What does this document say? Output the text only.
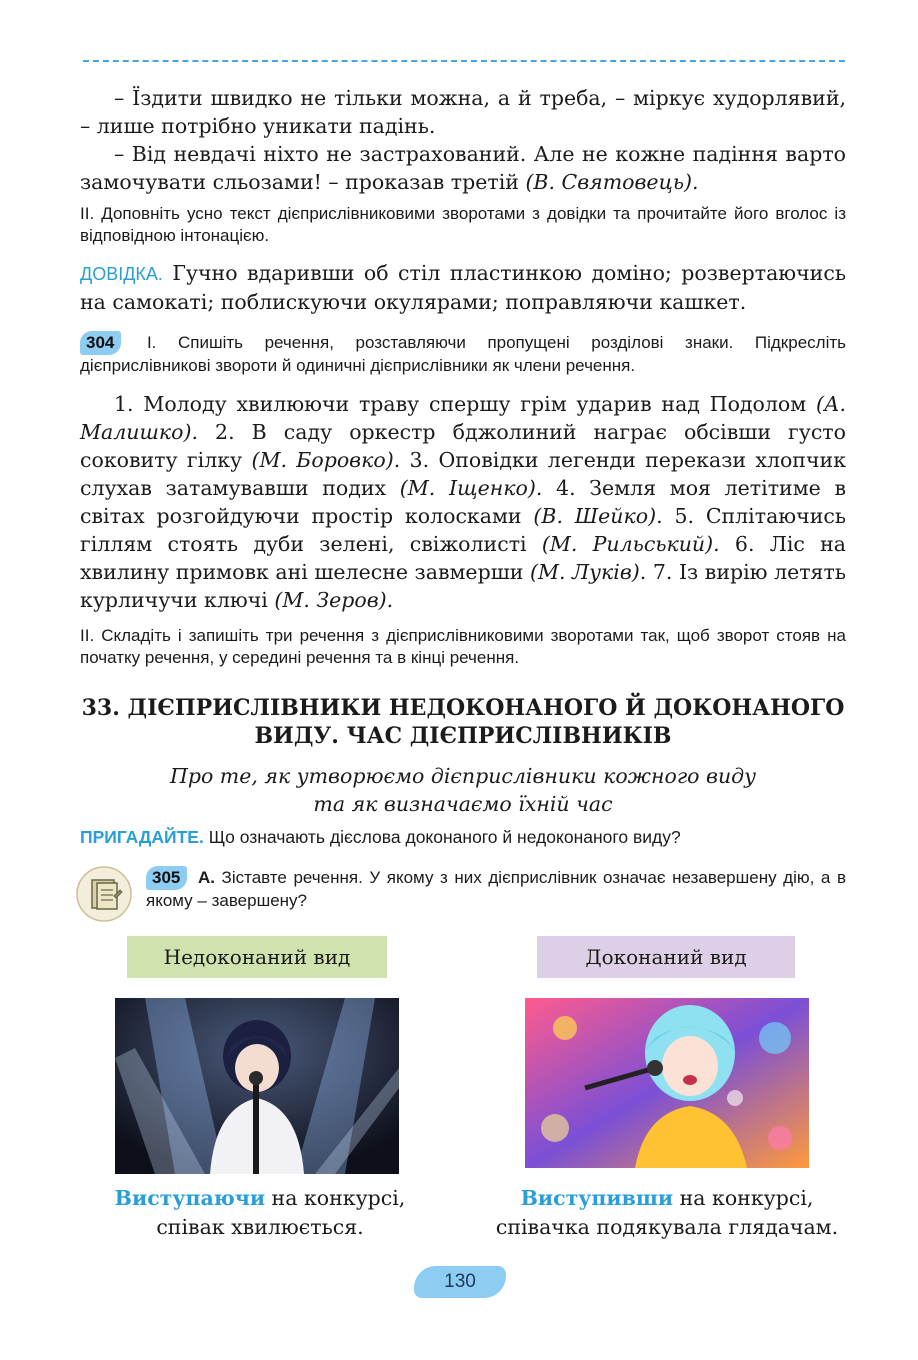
– Їздити швидко не тільки можна, а й треба, – міркує худорлявий, – лише потрібно уникати падінь.

– Від невдачі ніхто не застрахований. Але не кожне падіння варто замочувати сльозами! – проказав третій (В. Святовець).

ІІ. Доповніть усно текст дієприслівниковими зворотами з довідки та прочитайте його вголос із відповідною інтонацією.

ДОВІДКА. Гучно вдаривши об стіл пластинкою доміно; розвертаючись на самокаті; поблискуючи окулярами; поправляючи кашкет.

304 І. Спишіть речення, розставляючи пропущені розділові знаки. Підкресліть дієприслівникові звороти й одиничні дієприслівники як члени речення.

1. Молоду хвилюючи траву спершу грім ударив над Подолом (А. Малишко). 2. В саду оркестр бджолиний награє обсівши густо соковиту гілку (М. Боровко). 3. Оповідки легенди перекази хлопчик слухав затамувавши подих (М. Іщенко). 4. Земля моя летітиме в світах розгойдуючи простір колосками (В. Шейко). 5. Сплітаючись гіллям стоять дуби зелені, свіжолисті (М. Рильський). 6. Ліс на хвилину примовк ані шелесне завмерши (М. Луків). 7. Із вирію летять курличучи ключі (М. Зеров).

ІІ. Складіть і запишіть три речення з дієприслівниковими зворотами так, щоб зворот стояв на початку речення, у середині речення та в кінці речення.

33. ДІЄПРИСЛІВНИКИ НЕДОКОНАНОГО Й ДОКОНАНОГО
ВИДУ. ЧАС ДІЄПРИСЛІВНИКІВ
Про те, як утворюємо дієприслівники кожного виду
та як визначаємо їхній час

ПРИГАДАЙТЕ. Що означають дієслова доконаного й недоконаного виду?

305 А. Зіставте речення. У якому з них дієприслівник означає незавершену дію, а в якому – завершену?

Недоконаний вид	Доконаний вид
Виступаючи на конкурсі,
співак хвилюється.
Виступивши на конкурсі,
співачка подякувала глядачам.
130
